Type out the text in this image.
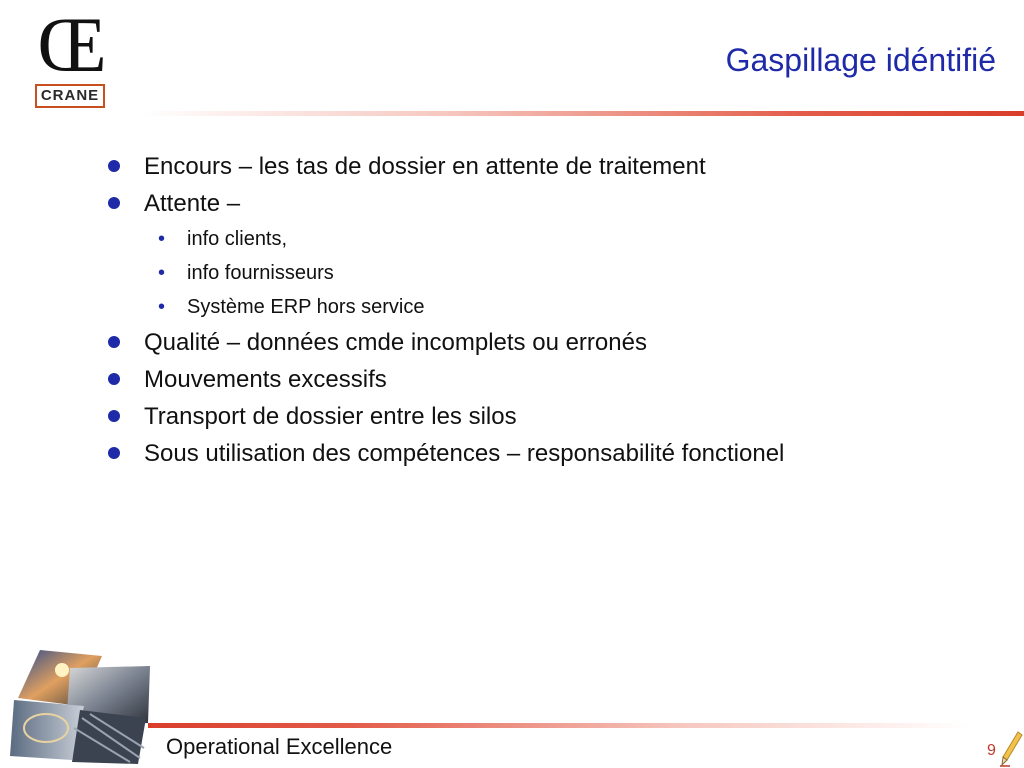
Œ
CRANE
Gaspillage idéntifié
Encours – les tas de dossier en attente de traitement
Attente –
• info clients,
• info fournisseurs
• Système ERP hors service
Qualité – données cmde incomplets ou erronés
Mouvements excessifs
Transport de dossier entre les silos
Sous utilisation des compétences – responsabilité fonctionel
Operational Excellence	9
